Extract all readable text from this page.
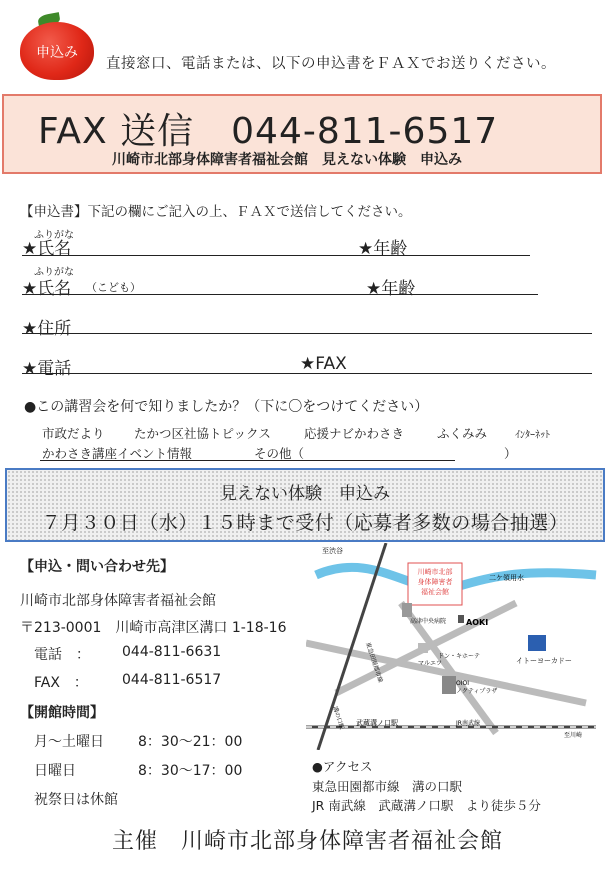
申込み
直接窓口、電話または、以下の申込書をＦＡＸでお送りください。
FAX 送信　044-811-6517
川崎市北部身体障害者福祉会館　見えない体験　申込み
【申込書】下記の欄にご記入の上、ＦＡＸで送信してください。
ふりがな
★氏名	★年齢
ふりがな
★氏名 （こども）	★年齢
★住所
★電話	★FAX
●この講習会を何で知りましたか？（下に〇をつけてください）
市政だより たかつ区社協トピックス	応援ナビかわさき	ふくみみ	ｲﾝﾀｰﾈｯﾄ
かわさき講座イベント情報	その他（　　　　　　　　　　　　　　　　）
見えない体験　申込み
７月３０日（水）１５時まで受付（応募者多数の場合抽選）
【申込・問い合わせ先】
川崎市北部身体障害者福祉会館
〒213-0001　川崎市高津区溝口 1-18-16
電話　： 044-811-6631
FAX　： 044-811-6517
【開館時間】
月～土曜日 8：30～21：00
日曜日	8：30～17：00
祝祭日は休館
川崎市北部
身体障害者
福祉会館
至渋谷
二ケ領用水
高津中央病院 AOKI
ドン・キホーテ
マルエツ	イトーヨーカドー
OIOI
ノクティプラザ
東急田園都市線
溝の口駅 武蔵溝ノ口駅	JR南武線
至川崎
●アクセス
東急田園都市線　溝の口駅
JR 南武線　武蔵溝ノ口駅　より徒歩５分
主催　川崎市北部身体障害者福祉会館
